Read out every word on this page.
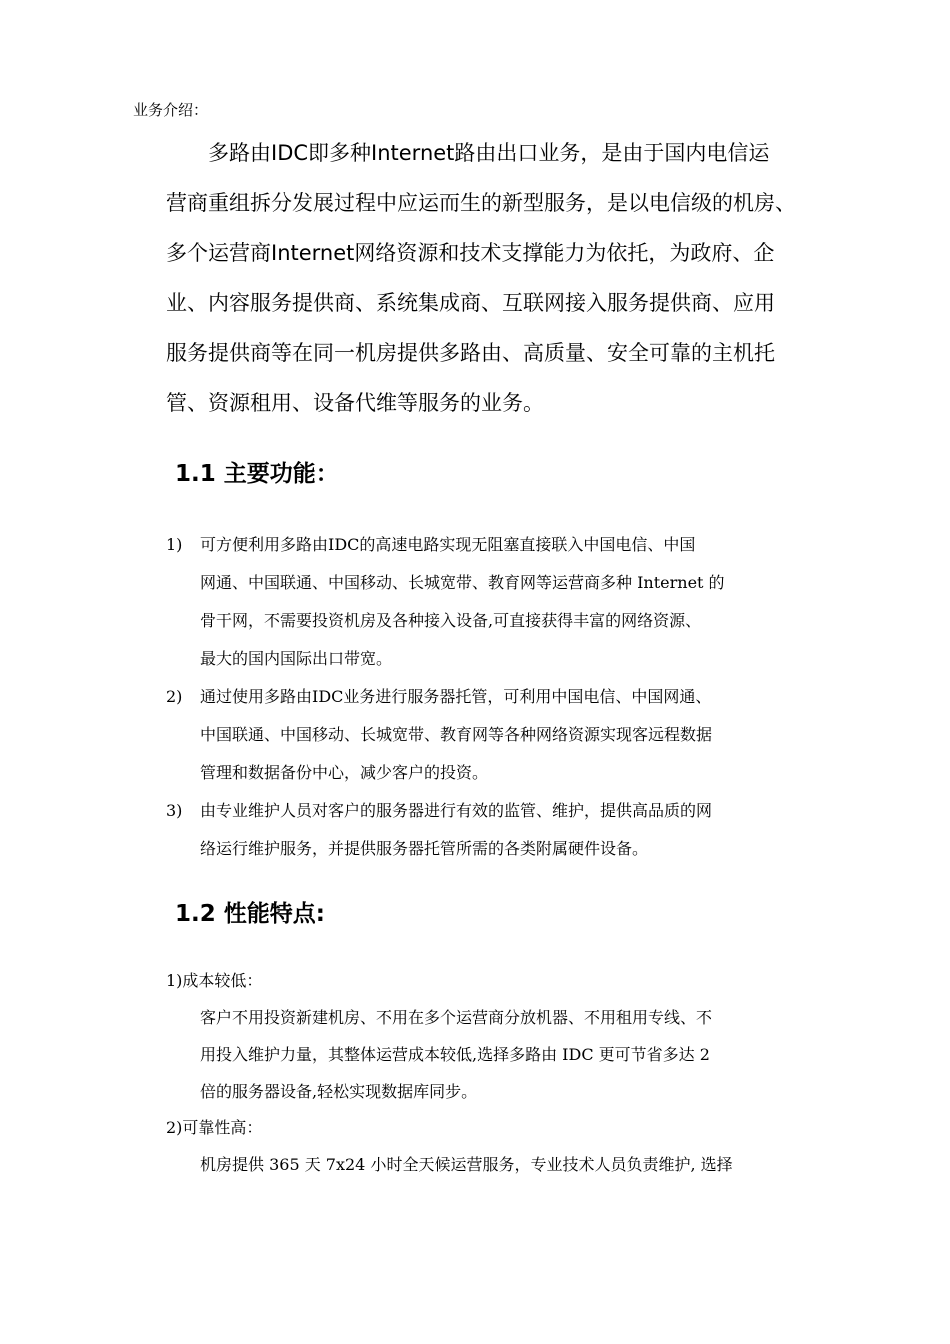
业务介绍：
多路由IDC即多种Internet路由出口业务，是由于国内电信运
营商重组拆分发展过程中应运而生的新型服务，是以电信级的机房、
多个运营商Internet网络资源和技术支撑能力为依托，为政府、企
业、内容服务提供商、系统集成商、互联网接入服务提供商、应用
服务提供商等在同一机房提供多路由、高质量、安全可靠的主机托
管、资源租用、设备代维等服务的业务。
1.1 主要功能：
1) 可方便利用多路由IDC的高速电路实现无阻塞直接联入中国电信、中国
网通、中国联通、中国移动、长城宽带、教育网等运营商多种 Internet 的
骨干网，不需要投资机房及各种接入设备,可直接获得丰富的网络资源、
最大的国内国际出口带宽。
2) 通过使用多路由IDC业务进行服务器托管，可利用中国电信、中国网通、
中国联通、中国移动、长城宽带、教育网等各种网络资源实现客远程数据
管理和数据备份中心，减少客户的投资。
3) 由专业维护人员对客户的服务器进行有效的监管、维护，提供高品质的网
络运行维护服务，并提供服务器托管所需的各类附属硬件设备。
1.2 性能特点:
1)成本较低：
客户不用投资新建机房、不用在多个运营商分放机器、不用租用专线、不
用投入维护力量，其整体运营成本较低,选择多路由 IDC 更可节省多达 2
倍的服务器设备,轻松实现数据库同步。
2)可靠性高：
机房提供 365 天 7x24 小时全天候运营服务，专业技术人员负责维护, 选择
